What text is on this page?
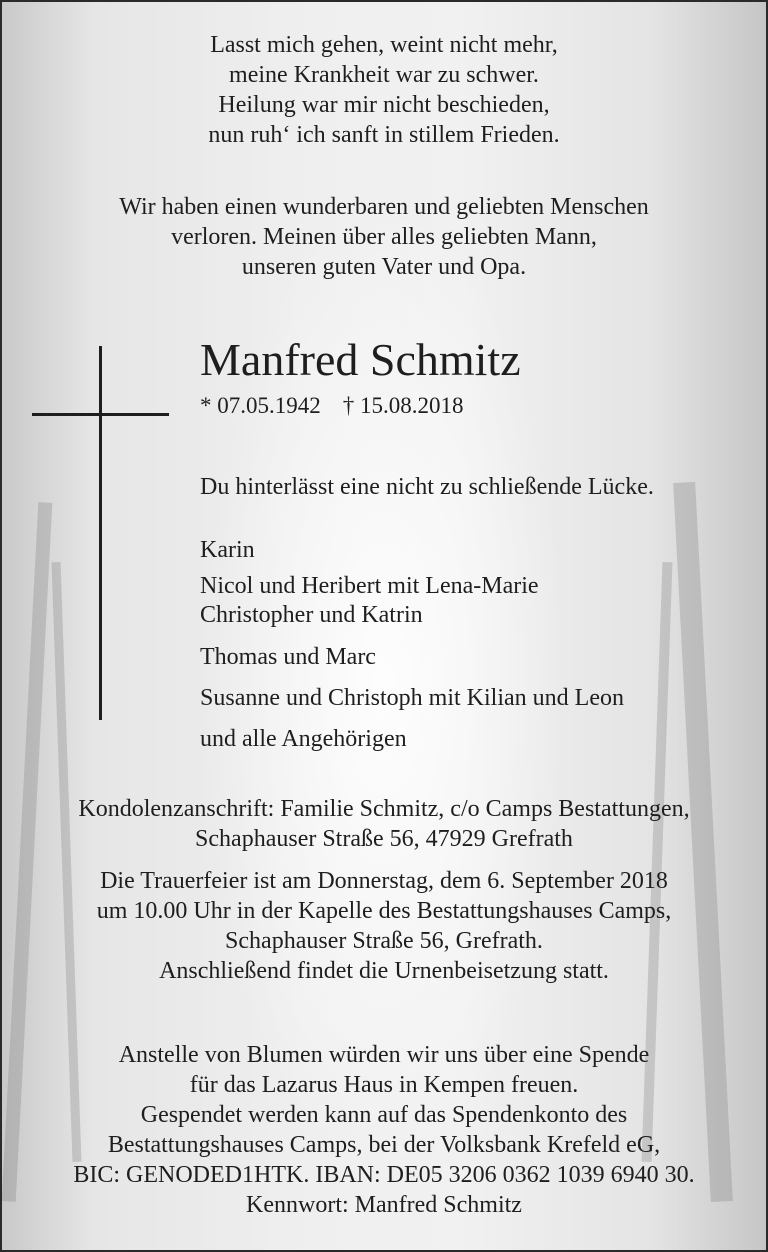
Lasst mich gehen, weint nicht mehr,
meine Krankheit war zu schwer.
Heilung war mir nicht beschieden,
nun ruh‘ ich sanft in stillem Frieden.
Wir haben einen wunderbaren und geliebten Menschen
verloren. Meinen über alles geliebten Mann,
unseren guten Vater und Opa.
Manfred Schmitz
* 07.05.1942 † 15.08.2018
Du hinterlässt eine nicht zu schließende Lücke.
Karin
Nicol und Heribert mit Lena-Marie
Christopher und Katrin
Thomas und Marc
Susanne und Christoph mit Kilian und Leon
und alle Angehörigen
Kondolenzanschrift: Familie Schmitz, c/o Camps Bestattungen,
Schaphauser Straße 56, 47929 Grefrath
Die Trauerfeier ist am Donnerstag, dem 6. September 2018
um 10.00 Uhr in der Kapelle des Bestattungshauses Camps,
Schaphauser Straße 56, Grefrath.
Anschließend findet die Urnenbeisetzung statt.
Anstelle von Blumen würden wir uns über eine Spende
für das Lazarus Haus in Kempen freuen.
Gespendet werden kann auf das Spendenkonto des
Bestattungshauses Camps, bei der Volksbank Krefeld eG,
BIC: GENODED1HTK. IBAN: DE05 3206 0362 1039 6940 30.
Kennwort: Manfred Schmitz
